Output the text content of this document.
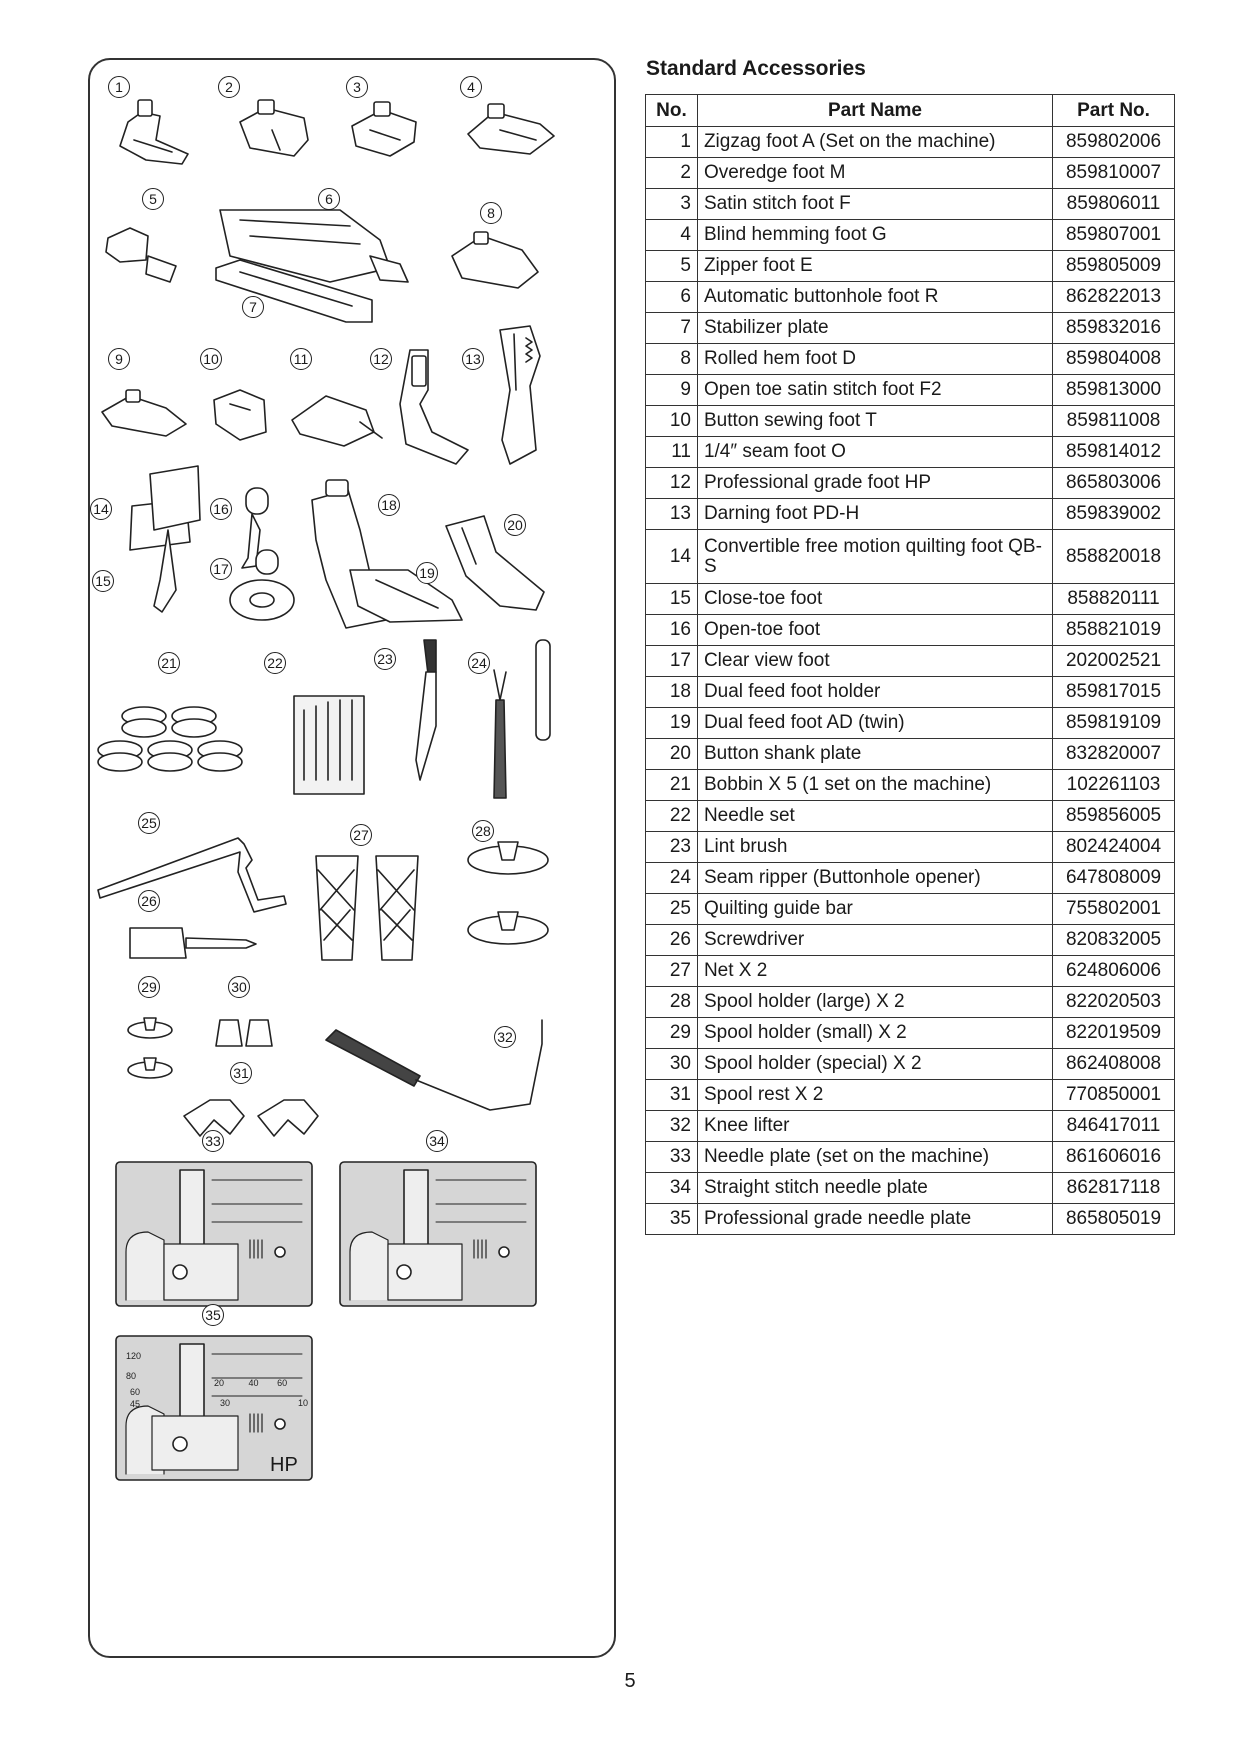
Standard Accessories
No.	Part Name	Part No.
1	Zigzag foot A (Set on the machine)	859802006
2	Overedge foot M	859810007
3	Satin stitch foot F	859806011
4	Blind hemming foot G	859807001
5	Zipper foot E	859805009
6	Automatic buttonhole foot R	862822013
7	Stabilizer plate	859832016
8	Rolled hem foot D	859804008
9	Open toe satin stitch foot F2	859813000
10	Button sewing foot T	859811008
11	1/4″ seam foot O	859814012
12	Professional grade foot HP	865803006
13	Darning foot PD-H	859839002
14	Convertible free motion quilting foot QB-S	858820018
15	Close-toe foot	858820111
16	Open-toe foot	858821019
17	Clear view foot	202002521
18	Dual feed foot holder	859817015
19	Dual feed foot AD (twin)	859819109
20	Button shank plate	832820007
21	Bobbin X 5 (1 set on the machine)	102261103
22	Needle set	859856005
23	Lint brush	802424004
24	Seam ripper (Buttonhole opener)	647808009
25	Quilting guide bar	755802001
26	Screwdriver	820832005
27	Net X 2	624806006
28	Spool holder (large) X 2	822020503
29	Spool holder (small) X 2	822019509
30	Spool holder (special) X 2	862408008
31	Spool rest X 2	770850001
32	Knee lifter	846417011
33	Needle plate (set on the machine)	861606016
34	Straight stitch needle plate	862817118
35	Professional grade needle plate	865805019
1	2	3	4
5	6
7
8
9	10	11	12	13
14
15
16
17
18
19
20
21	22	23	24
25
26
27	28
29	30
31
32
33	34
35
120
80
20	40 60
60
45	30	10
HP
5
